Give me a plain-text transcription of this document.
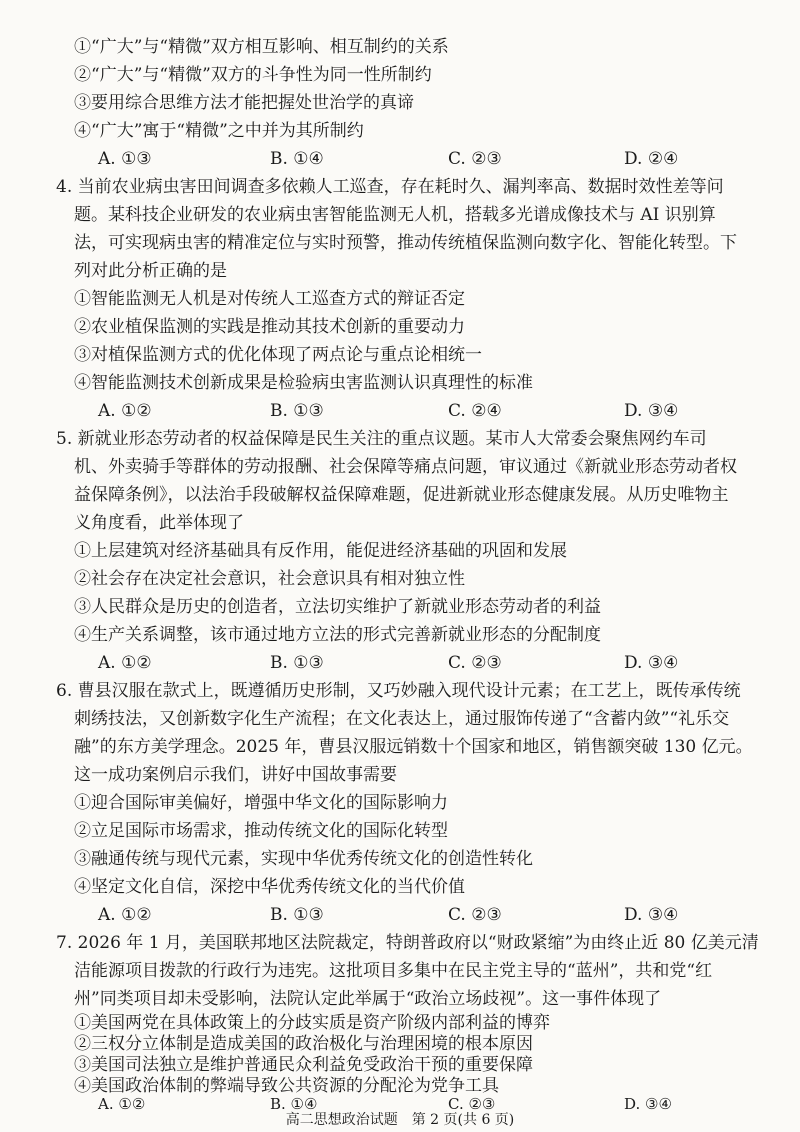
①“广大”与“精微”双方相互影响、相互制约的关系
②“广大”与“精微”双方的斗争性为同一性所制约
③要用综合思维方法才能把握处世治学的真谛
④“广大”寓于“精微”之中并为其所制约
A. ①③	B. ①④	C. ②③	D. ②④
4. 当前农业病虫害田间调查多依赖人工巡查，存在耗时久、漏判率高、数据时效性差等问
题。某科技企业研发的农业病虫害智能监测无人机，搭载多光谱成像技术与 AI 识别算
法，可实现病虫害的精准定位与实时预警，推动传统植保监测向数字化、智能化转型。下
列对此分析正确的是
①智能监测无人机是对传统人工巡查方式的辩证否定
②农业植保监测的实践是推动其技术创新的重要动力
③对植保监测方式的优化体现了两点论与重点论相统一
④智能监测技术创新成果是检验病虫害监测认识真理性的标准
A. ①②	B. ①③	C. ②④	D. ③④
5. 新就业形态劳动者的权益保障是民生关注的重点议题。某市人大常委会聚焦网约车司
机、外卖骑手等群体的劳动报酬、社会保障等痛点问题，审议通过《新就业形态劳动者权
益保障条例》，以法治手段破解权益保障难题，促进新就业形态健康发展。从历史唯物主
义角度看，此举体现了
①上层建筑对经济基础具有反作用，能促进经济基础的巩固和发展
②社会存在决定社会意识，社会意识具有相对独立性
③人民群众是历史的创造者，立法切实维护了新就业形态劳动者的利益
④生产关系调整，该市通过地方立法的形式完善新就业形态的分配制度
A. ①②	B. ①③	C. ②③	D. ③④
6. 曹县汉服在款式上，既遵循历史形制，又巧妙融入现代设计元素；在工艺上，既传承传统
刺绣技法，又创新数字化生产流程；在文化表达上，通过服饰传递了“含蓄内敛”“礼乐交
融”的东方美学理念。2025 年，曹县汉服远销数十个国家和地区，销售额突破 130 亿元。
这一成功案例启示我们，讲好中国故事需要
①迎合国际审美偏好，增强中华文化的国际影响力
②立足国际市场需求，推动传统文化的国际化转型
③融通传统与现代元素，实现中华优秀传统文化的创造性转化
④坚定文化自信，深挖中华优秀传统文化的当代价值
A. ①②	B. ①③	C. ②③	D. ③④
7. 2026 年 1 月，美国联邦地区法院裁定，特朗普政府以“财政紧缩”为由终止近 80 亿美元清
洁能源项目拨款的行政行为违宪。这批项目多集中在民主党主导的“蓝州”，共和党“红
州”同类项目却未受影响，法院认定此举属于“政治立场歧视”。这一事件体现了
①美国两党在具体政策上的分歧实质是资产阶级内部利益的博弈
②三权分立体制是造成美国的政治极化与治理困境的根本原因
③美国司法独立是维护普通民众利益免受政治干预的重要保障
高二思想政治试题　第 2 页(共 6 页)
④美国政治体制的弊端导致公共资源的分配沦为党争工具
A. ①②	B. ①④	C. ②③	D. ③④
